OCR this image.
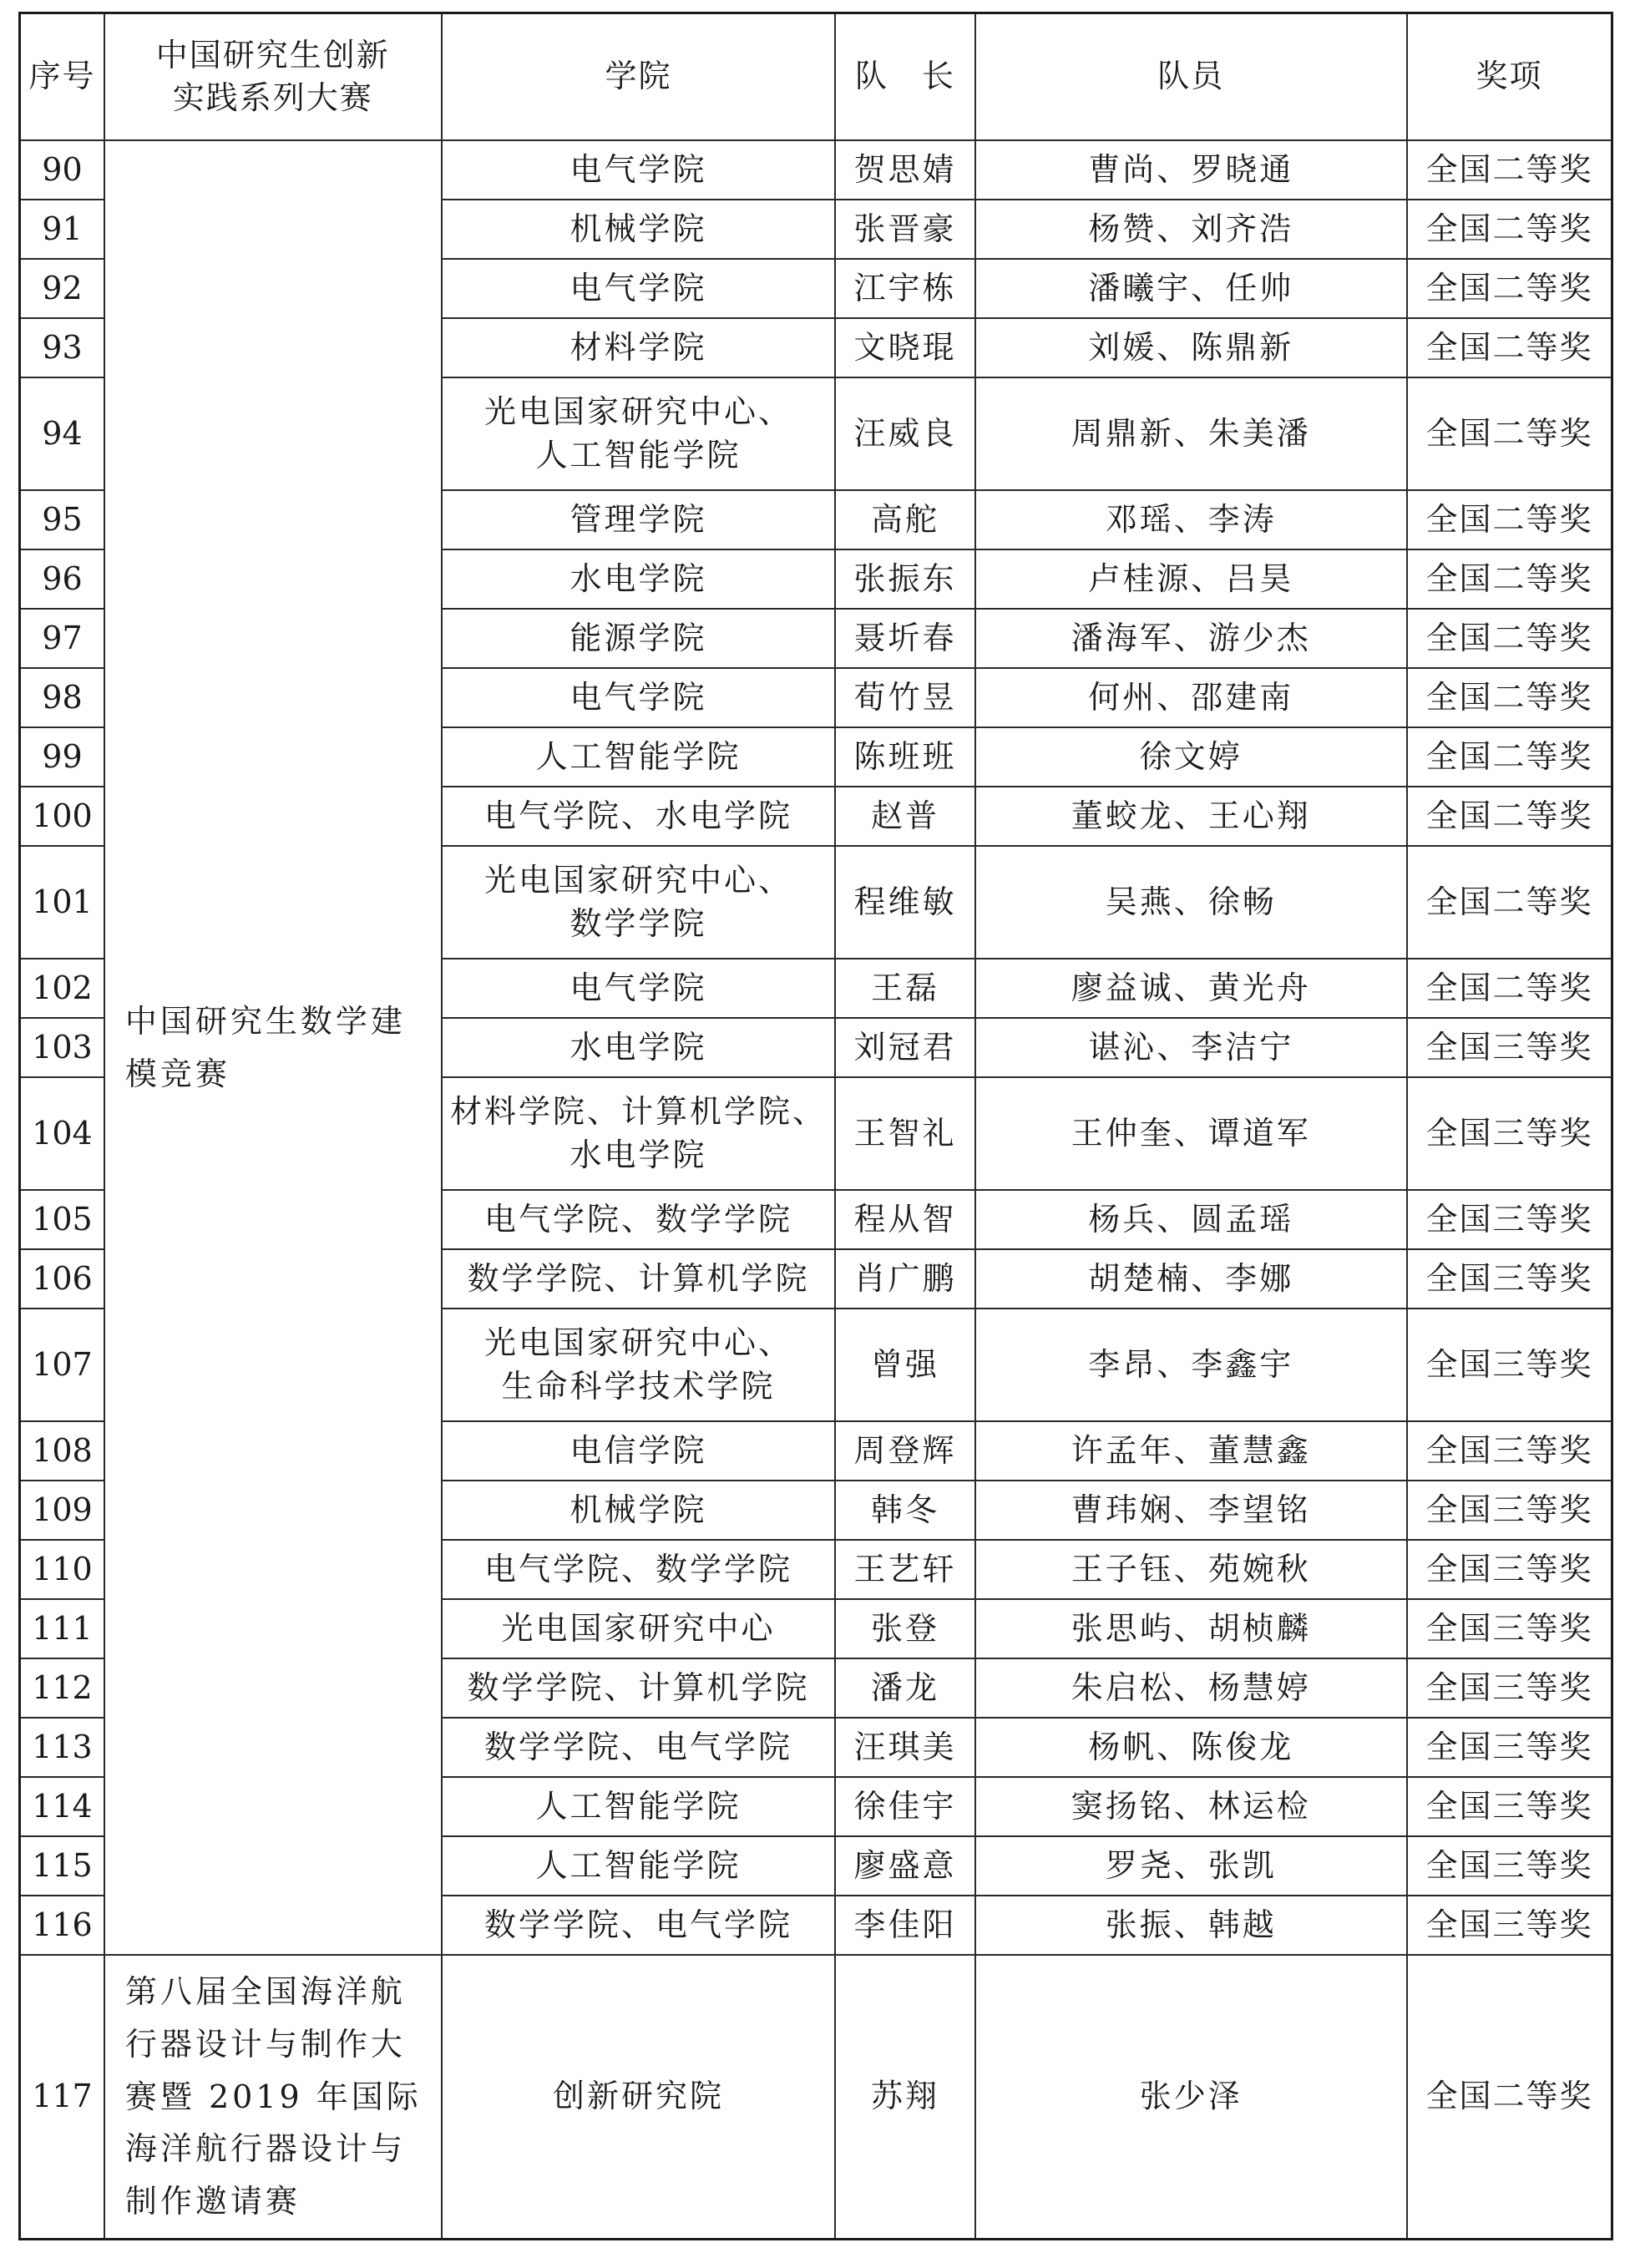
序号	中国研究生创新
实践系列大赛	学院	队　长	队员	奖项
90	中国研究生数学建模竞赛	电气学院	贺思婧	曹尚、罗晓通	全国二等奖
91		机械学院	张晋豪	杨赞、刘齐浩	全国二等奖
92		电气学院	江宇栋	潘曦宇、任帅	全国二等奖
93		材料学院	文晓琨	刘媛、陈鼎新	全国二等奖
94		光电国家研究中心、
人工智能学院	汪威良	周鼎新、朱美潘	全国二等奖
95		管理学院	高舵	邓瑶、李涛	全国二等奖
96		水电学院	张振东	卢桂源、吕昊	全国二等奖
97		能源学院	聂圻春	潘海军、游少杰	全国二等奖
98		电气学院	荀竹昱	何州、邵建南	全国二等奖
99		人工智能学院	陈班班	徐文婷	全国二等奖
100		电气学院、水电学院	赵普	董蛟龙、王心翔	全国二等奖
101		光电国家研究中心、
数学学院	程维敏	吴燕、徐畅	全国二等奖
102		电气学院	王磊	廖益诚、黄光舟	全国二等奖
103		水电学院	刘冠君	谌沁、李洁宁	全国三等奖
104		材料学院、计算机学院、
水电学院	王智礼	王仲奎、谭道军	全国三等奖
105		电气学院、数学学院	程从智	杨兵、圆孟瑶	全国三等奖
106		数学学院、计算机学院	肖广鹏	胡楚楠、李娜	全国三等奖
107		光电国家研究中心、
生命科学技术学院	曾强	李昂、李鑫宇	全国三等奖
108		电信学院	周登辉	许孟年、董慧鑫	全国三等奖
109		机械学院	韩冬	曹玮娴、李望铭	全国三等奖
110		电气学院、数学学院	王艺轩	王子钰、苑婉秋	全国三等奖
111		光电国家研究中心	张登	张思屿、胡桢麟	全国三等奖
112		数学学院、计算机学院	潘龙	朱启松、杨慧婷	全国三等奖
113		数学学院、电气学院	汪琪美	杨帆、陈俊龙	全国三等奖
114		人工智能学院	徐佳宇	窦扬铭、林运检	全国三等奖
115		人工智能学院	廖盛意	罗尧、张凯	全国三等奖
116		数学学院、电气学院	李佳阳	张振、韩越	全国三等奖
117	第八届全国海洋航行器设计与制作大赛暨 2019 年国际海洋航行器设计与制作邀请赛	创新研究院	苏翔	张少泽	全国二等奖
